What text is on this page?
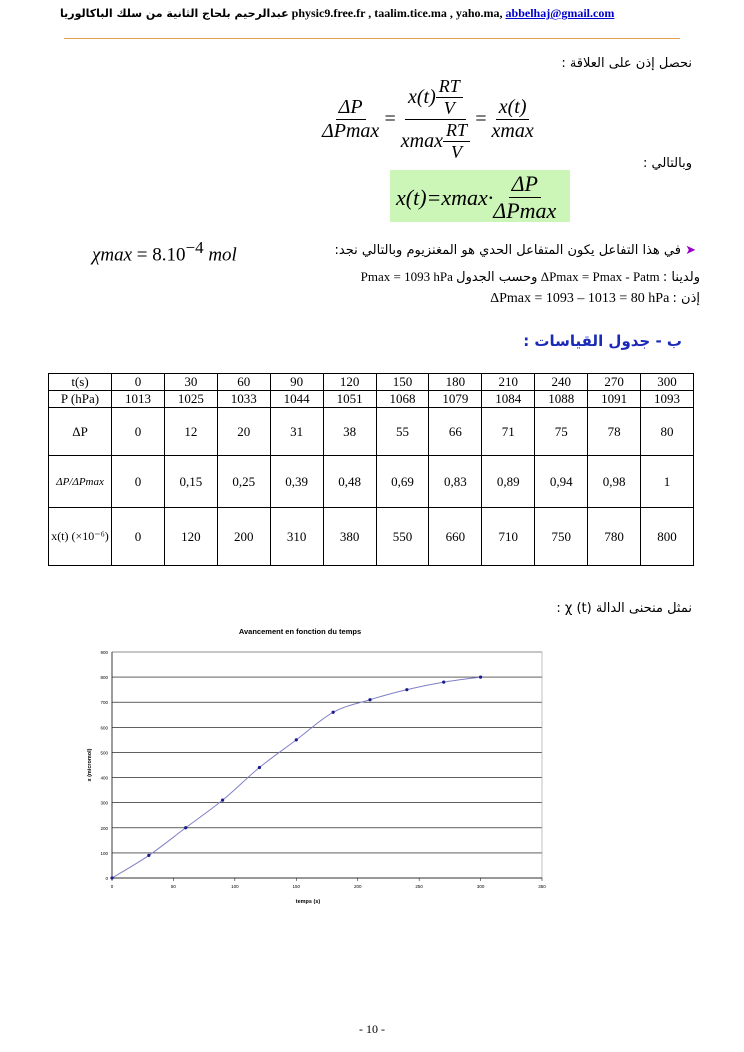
عبدالرحيم بلحاج الثانية من سلك الباكالوريا physic9.free.fr , taalim.tice.ma , yaho.ma, abbelhaj@gmail.com
نحصل إذن على العلاقة :
$\frac{\Delta P}{\Delta Pmax} = \frac{x(t) \frac{RT}{V}}{xmax \frac{RT}{V}} = \frac{x(t)}{xmax}$
وبالتالي :
$x(t)=xmax\cdot \frac{\Delta P}{\Delta Pmax}$
➤ في هذا التفاعل يكون المتفاعل الحدي هو المغنزيوم وبالتالي نجد:
$\chi\max = 8.10^{-4}$ mol
ولدينا : ΔPmax = Pmax - Patm وحسب الجدول Pmax = 1093 hPa
إذن : ΔPmax = 1093 – 1013 = 80 hPa
ب - جدول القياسات :
t(s)	0	30	60	90	120	150	180	210	240	270	300
P (hPa)	1013	1025	1033	1044	1051	1068	1079	1084	1088	1091	1093
ΔP	0	12	20	31	38	55	66	71	75	78	80
ΔP/ΔPmax	0	0,15	0,25	0,39	0,48	0,69	0,83	0,89	0,94	0,98	1
x(t) (×10⁻⁶)	0	120	200	310	380	550	660	710	750	780	800
نمثل منحنى الدالة χ (t) :
Avancement en fonction du temps
temps (s)
x (micromol)
0
100
200
300
400
500
600
700
800
900
0	50	100	150	200	250	300	350
- 10 -
